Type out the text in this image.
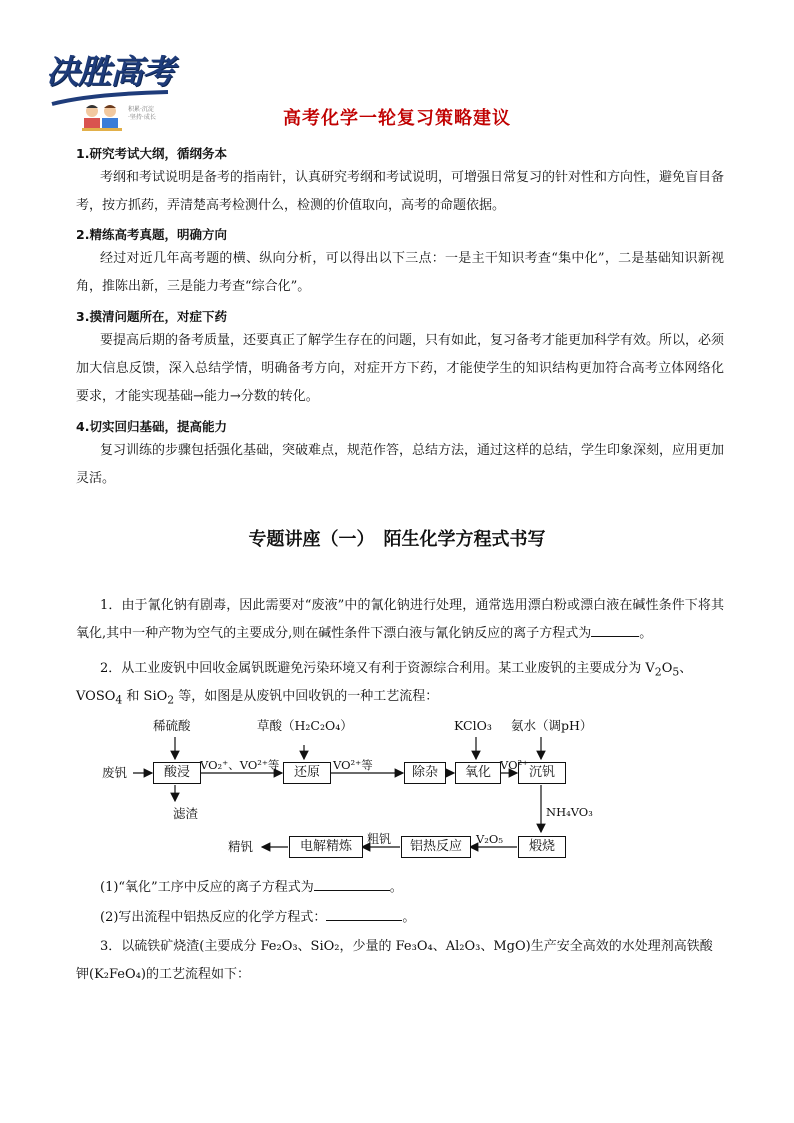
决胜高考
积累·沉淀
·坚持·成长	高考化学一轮复习策略建议
1.研究考试大纲，循纲务本
考纲和考试说明是备考的指南针，认真研究考纲和考试说明，可增强日常复习的针对性和方向性，避免盲目备考，按方抓药，弄清楚高考检测什么，检测的价值取向，高考的命题依据。
2.精练高考真题，明确方向
经过对近几年高考题的横、纵向分析，可以得出以下三点：一是主干知识考查“集中化”，二是基础知识新视角，推陈出新，三是能力考查“综合化”。
3.摸清问题所在，对症下药
要提高后期的备考质量，还要真正了解学生存在的问题，只有如此，复习备考才能更加科学有效。所以，必须加大信息反馈，深入总结学情，明确备考方向，对症开方下药，才能使学生的知识结构更加符合高考立体网络化要求，才能实现基础→能力→分数的转化。
4.切实回归基础，提高能力
复习训练的步骤包括强化基础，突破难点，规范作答，总结方法，通过这样的总结，学生印象深刻，应用更加灵活。
专题讲座（一）　陌生化学方程式书写
1．由于氰化钠有剧毒，因此需要对“废液”中的氰化钠进行处理，通常选用漂白粉或漂白液在碱性条件下将其氧化,其中一种产物为空气的主要成分,则在碱性条件下漂白液与氰化钠反应的离子方程式为	。
2．从工业废钒中回收金属钒既避免污染环境又有利于资源综合利用。某工业废钒的主要成分为 $V_2O_5$、
$VOSO_4$ 和 SiO$_2$ 等，如图是从废钒中回收钒的一种工艺流程：
稀硫酸	草酸（H₂C₂O₄）	KClO₃ 氨水（调pH）
废钒	酸浸	还原	除杂	氧化	沉钒
煅烧
铝热反应
电解精炼
VO₂⁺、VO²⁺等	VO²⁺等	VO²⁺
滤渣	NH₄VO₃
V₂O₅
粗钒
精钒
(1)“氧化”工序中反应的离子方程式为	。
(2)写出流程中铝热反应的化学方程式：	。
3．以硫铁矿烧渣(主要成分 Fe₂O₃、SiO₂，少量的 Fe₃O₄、Al₂O₃、MgO)生产安全高效的水处理剂高铁酸
钾(K₂FeO₄)的工艺流程如下：
